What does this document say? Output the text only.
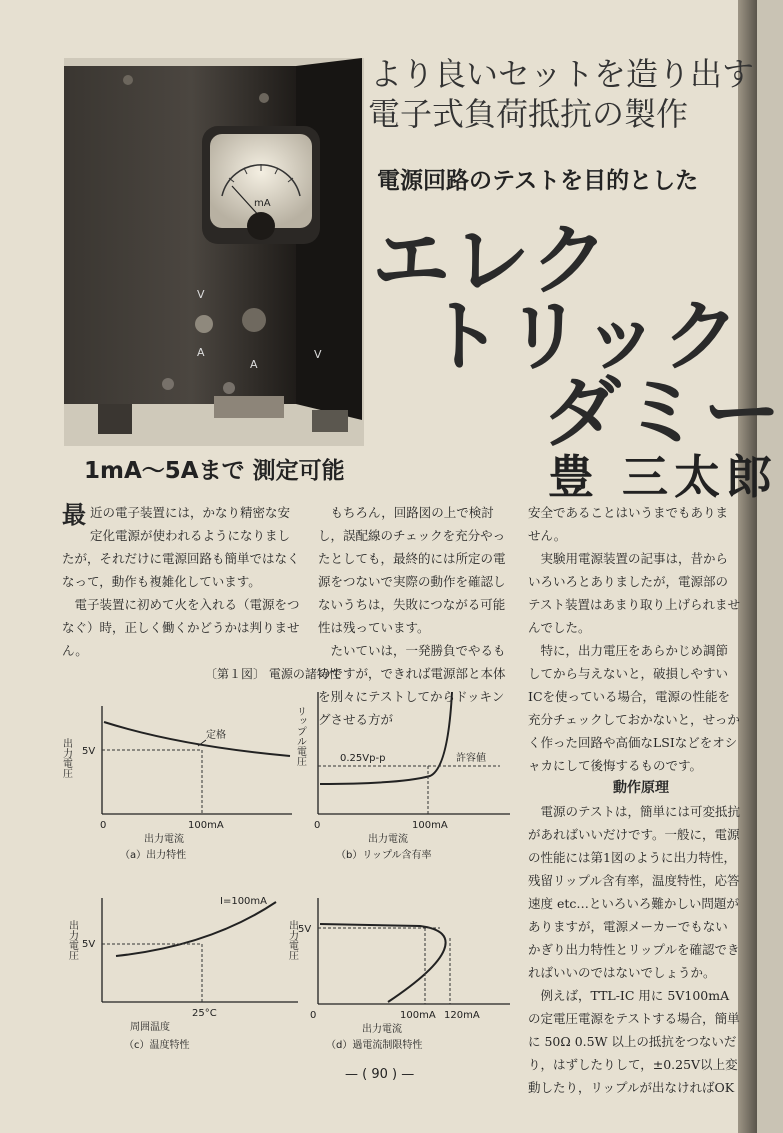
mA
V
A
A
V
より良いセットを造り出す
電子式負荷抵抗の製作
電源回路のテストを目的とした
エレク
トリック
ダミー
豊 三太郎
1mA～5Aまで 測定可能

最近の電子装置には，かなり精密な安定化電源が使われるようになりましたが，それだけに電源回路も簡単ではなくなって，動作も複雑化しています。

電子装置に初めて火を入れる（電源をつなぐ）時，正しく働くかどうかは判りません。

もちろん，回路図の上で検討し，誤配線のチェックを充分やったとしても，最終的には所定の電源をつないで実際の動作を確認しないうちは，失敗につながる可能性は残っています。

たいていは，一発勝負でやるものですが，できれば電源部と本体を別々にテストしてからドッキングさせる方が

安全であることはいうまでもありません。

実験用電源装置の記事は，昔からいろいろとありましたが，電源部のテスト装置はあまり取り上げられませんでした。

特に，出力電圧をあらかじめ調節してから与えないと，破損しやすいICを使っている場合，電源の性能を充分チェックしておかないと，せっかく作った回路や高価なLSIなどをオシャカにして後悔するものです。

動作原理

電源のテストは，簡単には可変抵抗があればいいだけです。一般に，電源の性能には第1図のように出力特性，残留リップル含有率，温度特性，応答速度 etc…といろいろ難かしい問題がありますが，電源メーカーでもないかぎり出力特性とリップルを確認できればいいのではないでしょうか。

例えば，TTL-IC 用に 5V100mA の定電圧電源をテストする場合，簡単に 50Ω 0.5W 以上の抵抗をつないだり，はずしたりして，±0.25V以上変動したり，リップルが出なければOK

〔第１図〕 電源の諸特性
出力電圧 5V
定格
0	100mA
出力電流
（a）出力特性
リップル電圧	0.25Vp-p	許容値
0	100mA
出力電流
（b）リップル含有率
出力電圧 5V
I=100mA
25°C
周囲温度
（c）温度特性
出力電圧 5V
0	100mA 120mA
出力電流
（d）過電流制限特性
— ( 90 ) —
